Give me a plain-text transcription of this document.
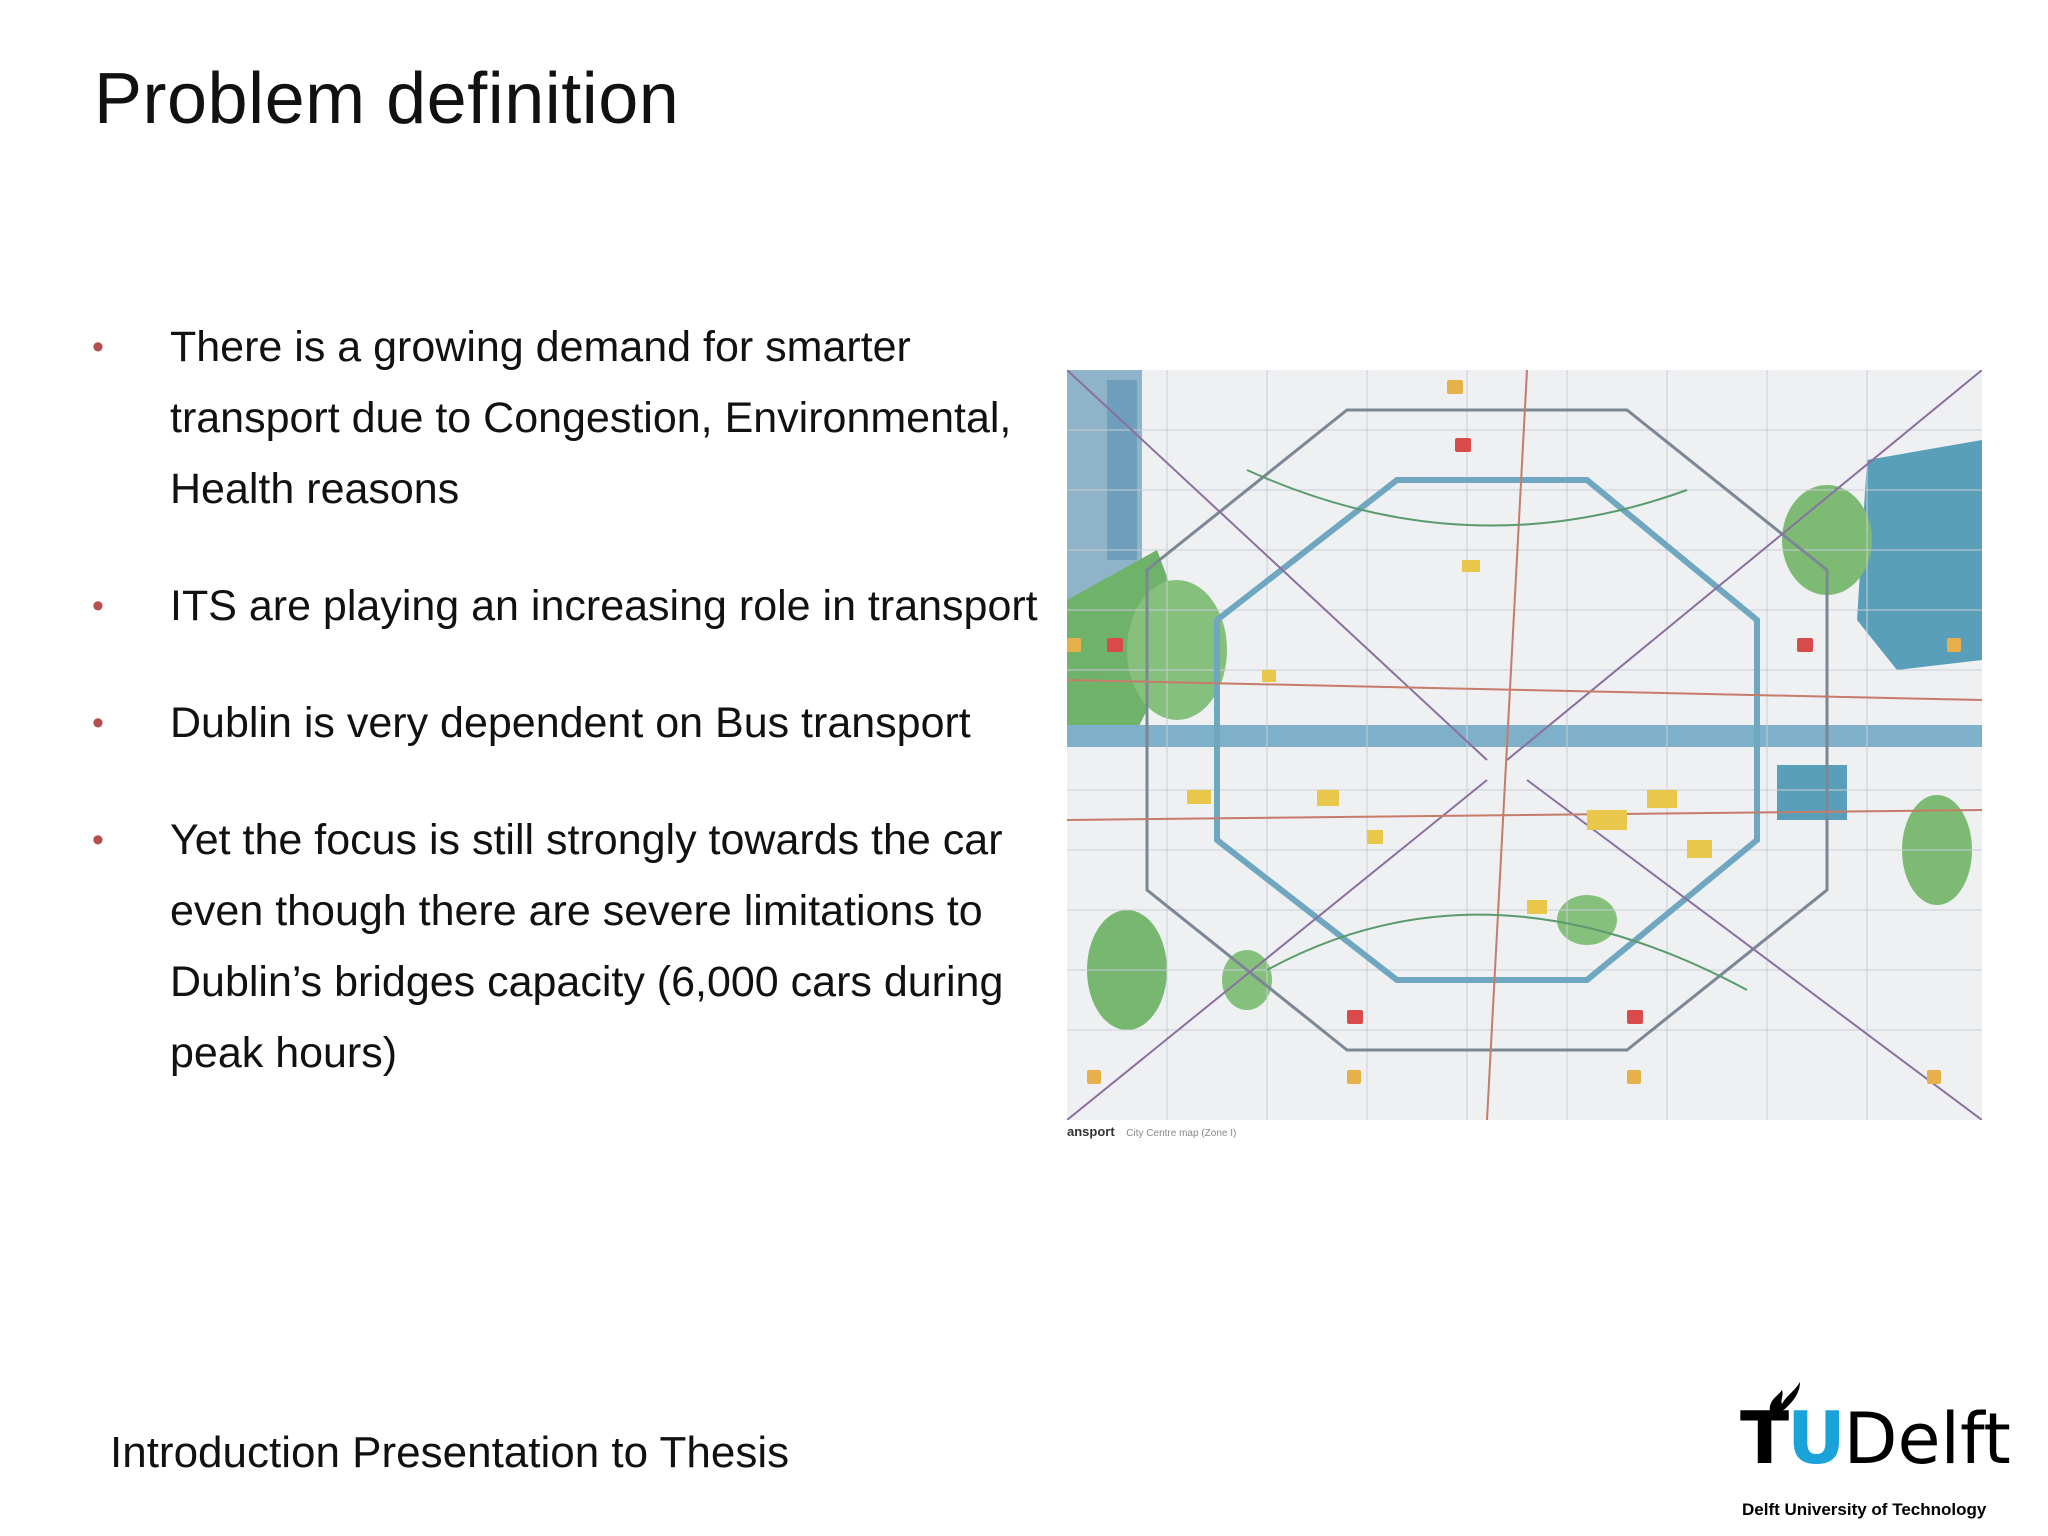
Problem definition
• There is a growing demand for smarter transport due to Congestion, Environmental, Health reasons
• ITS are playing an increasing role in transport
• Dublin is very dependent on Bus transport
• Yet the focus is still strongly towards the car even though there are severe limitations to Dublin’s bridges capacity (6,000 cars during peak hours)
ansport City Centre map (Zone I)
Introduction Presentation to Thesis	TUDelft
Delft University of Technology
